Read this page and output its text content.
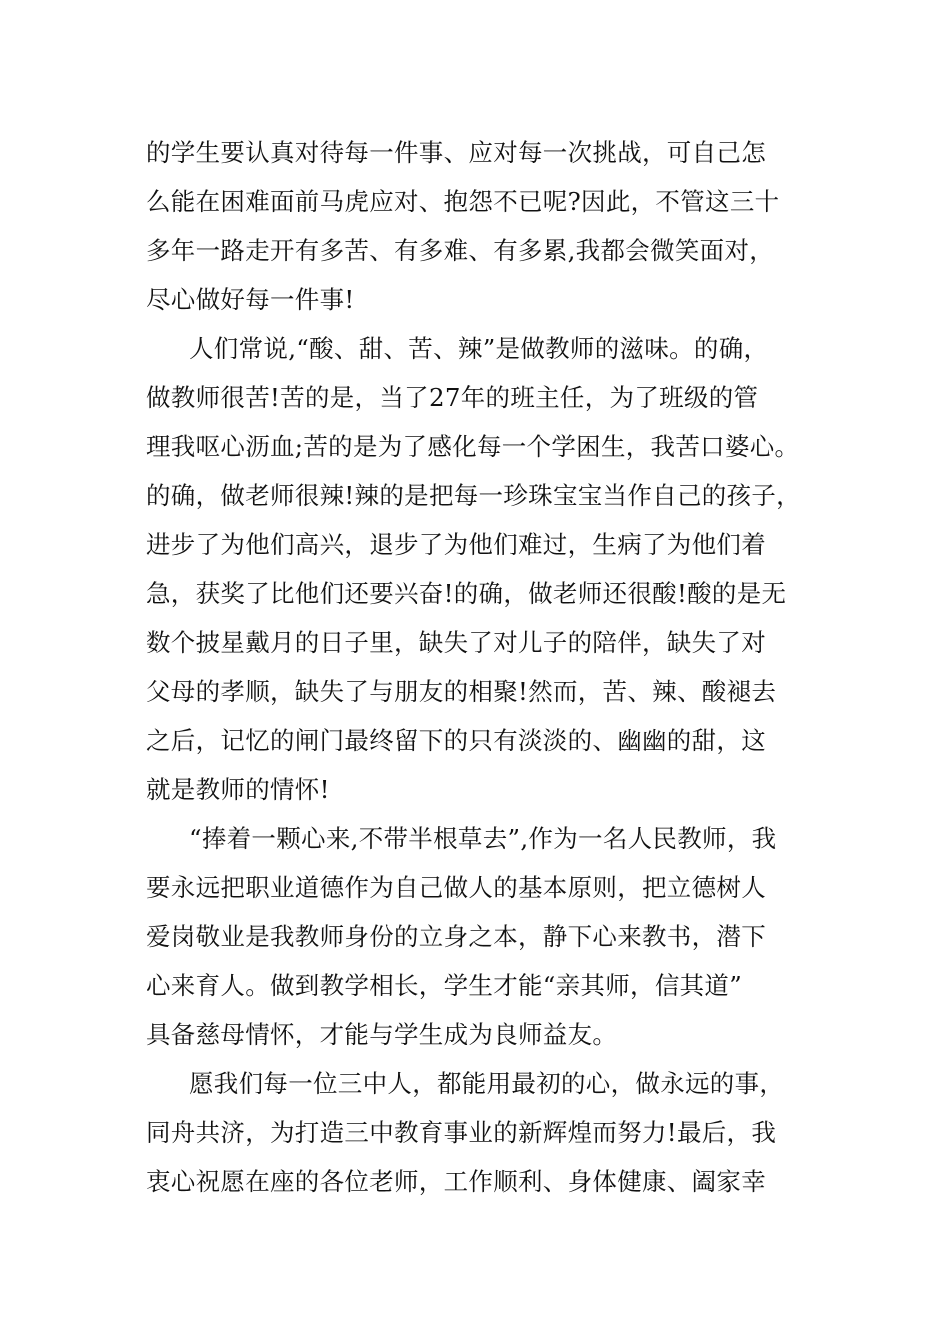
的学生要认真对待每一件事、应对每一次挑战，可自己怎
么能在困难面前马虎应对、抱怨不已呢?因此，不管这三十
多年一路走开有多苦、有多难、有多累,我都会微笑面对，
尽心做好每一件事!
人们常说,“酸、甜、苦、辣”是做教师的滋味。的确，
做教师很苦!苦的是，当了27年的班主任，为了班级的管
理我呕心沥血;苦的是为了感化每一个学困生，我苦口婆心。
的确，做老师很辣!辣的是把每一珍珠宝宝当作自己的孩子，
进步了为他们高兴，退步了为他们难过，生病了为他们着
急，获奖了比他们还要兴奋!的确，做老师还很酸!酸的是无
数个披星戴月的日子里，缺失了对儿子的陪伴，缺失了对
父母的孝顺，缺失了与朋友的相聚!然而，苦、辣、酸褪去
之后，记忆的闸门最终留下的只有淡淡的、幽幽的甜，这
就是教师的情怀!
“捧着一颗心来,不带半根草去”,作为一名人民教师，我
要永远把职业道德作为自己做人的基本原则，把立德树人
爱岗敬业是我教师身份的立身之本，静下心来教书，潜下
心来育人。做到教学相长，学生才能“亲其师，信其道”
具备慈母情怀，才能与学生成为良师益友。
愿我们每一位三中人，都能用最初的心，做永远的事，
同舟共济，为打造三中教育事业的新辉煌而努力!最后，我
衷心祝愿在座的各位老师，工作顺利、身体健康、阖家幸
